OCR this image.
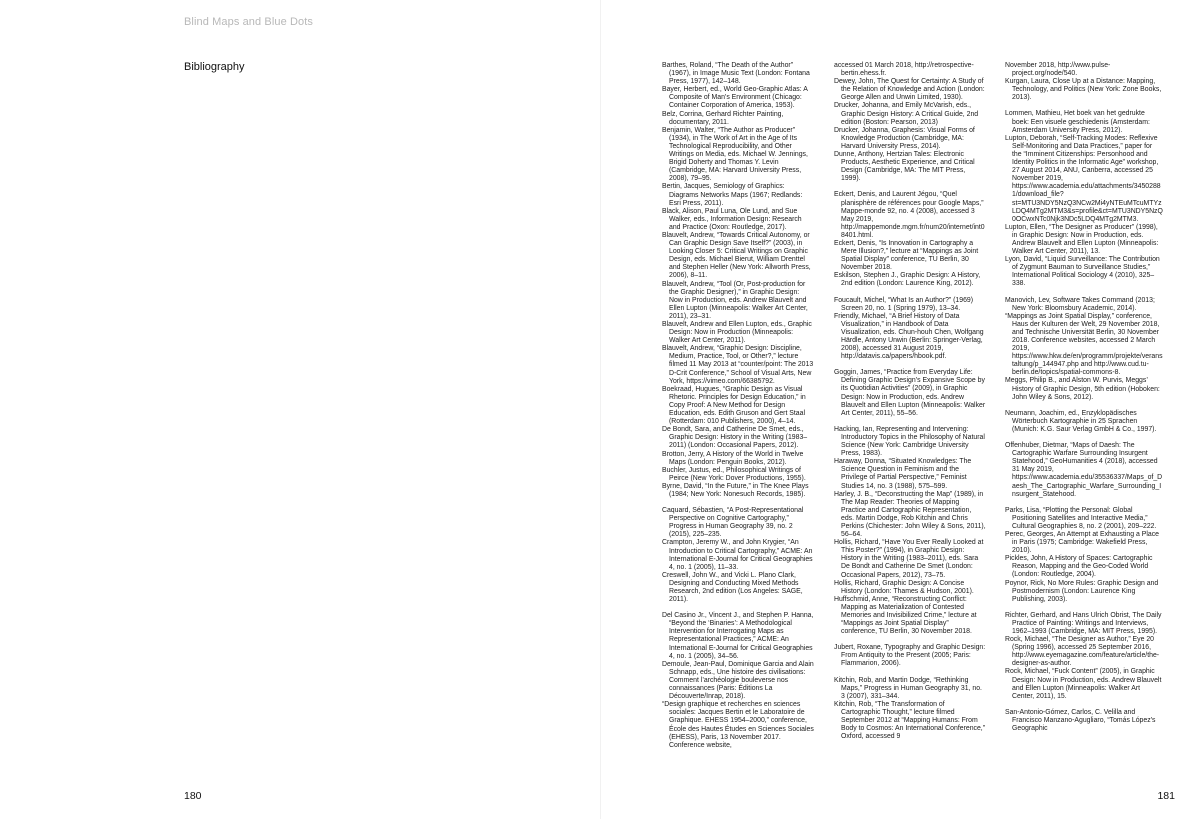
Blind Maps and Blue Dots
Bibliography	Barthes, Roland, “The Death of the Author” (1967), in Image Music Text (London: Fontana Press, 1977), 142–148.

Bayer, Herbert, ed., World Geo-Graphic Atlas: A Composite of Man’s Environment (Chicago: Container Corporation of America, 1953).

Belz, Corrina, Gerhard Richter Painting, documentary, 2011.

Benjamin, Walter, “The Author as Producer” (1934), in The Work of Art in the Age of Its Technological Reproducibility, and Other Writings on Media, eds. Michael W. Jennings, Brigid Doherty and Thomas Y. Levin (Cambridge, MA: Harvard University Press, 2008), 79–95.

Bertin, Jacques, Semiology of Graphics: Diagrams Networks Maps (1967; Redlands: Esri Press, 2011).

Black, Alison, Paul Luna, Ole Lund, and Sue Walker, eds., Information Design: Research and Practice (Oxon: Routledge, 2017).

Blauvelt, Andrew, “Towards Critical Autonomy, or Can Graphic Design Save Itself?” (2003), in Looking Closer 5: Critical Writings on Graphic Design, eds. Michael Bierut, William Drenttel and Stephen Heller (New York: Allworth Press, 2006), 8–11.

Blauvelt, Andrew, “Tool (Or, Post-production for the Graphic Designer),” in Graphic Design: Now in Production, eds. Andrew Blauvelt and Ellen Lupton (Minneapolis: Walker Art Center, 2011), 23–31.

Blauvelt, Andrew and Ellen Lupton, eds., Graphic Design: Now in Production (Minneapolis: Walker Art Center, 2011).

Blauvelt, Andrew, “Graphic Design: Discipline, Medium, Practice, Tool, or Other?,” lecture filmed 11 May 2013 at “counter/point: The 2013 D-Crit Conference,” School of Visual Arts, New York, https://vimeo.com/66385792.

Boekraad, Hugues, “Graphic Design as Visual Rhetoric. Principles for Design Education,” in Copy Proof: A New Method for Design Education, eds. Edith Gruson and Gert Staal (Rotterdam: 010 Publishers, 2000), 4–14.

De Bondt, Sara, and Catherine De Smet, eds., Graphic Design: History in the Writing (1983–2011) (London: Occasional Papers, 2012).

Brotton, Jerry, A History of the World in Twelve Maps (London: Penguin Books, 2012).

Buchler, Justus, ed., Philosophical Writings of Peirce (New York: Dover Productions, 1955).

Byrne, David, “In the Future,” in The Knee Plays (1984; New York: Nonesuch Records, 1985).

Caquard, Sébastien, “A Post-Representational Perspective on Cognitive Cartography,” Progress in Human Geography 39, no. 2 (2015), 225–235.

Crampton, Jeremy W., and John Krygier, “An Introduction to Critical Cartography,” ACME: An International E-Journal for Critical Geographies 4, no. 1 (2005), 11–33.

Creswell, John W., and Vicki L. Plano Clark, Designing and Conducting Mixed Methods Research, 2nd edition (Los Angeles: SAGE, 2011).

Del Casino Jr., Vincent J., and Stephen P. Hanna, “Beyond the ‘Binaries’: A Methodological Intervention for Interrogating Maps as Representational Practices,” ACME: An International E-Journal for Critical Geographies 4, no. 1 (2005), 34–56.

Demoule, Jean-Paul, Dominique Garcia and Alain Schnapp, eds., Une histoire des civilisations: Comment l’archéologie bouleverse nos connaissances (Paris: Éditions La Découverte/Inrap, 2018).

“Design graphique et recherches en sciences sociales: Jacques Bertin et le Laboratoire de Graphique. EHESS 1954–2000,” conference, École des Hautes Études en Sciences Sociales (EHESS), Paris, 13 November 2017. Conference website,

accessed 01 March 2018, http://retrospective-bertin.ehess.fr.

Dewey, John, The Quest for Certainty: A Study of the Relation of Knowledge and Action (London: George Allen and Unwin Limited, 1930).

Drucker, Johanna, and Emily McVarish, eds., Graphic Design History: A Critical Guide, 2nd edition (Boston: Pearson, 2013)

Drucker, Johanna, Graphesis: Visual Forms of Knowledge Production (Cambridge, MA: Harvard University Press, 2014).

Dunne, Anthony, Hertzian Tales: Electronic Products, Aesthetic Experience, and Critical Design (Cambridge, MA: The MIT Press, 1999).

Eckert, Denis, and Laurent Jégou, “Quel planisphère de références pour Google Maps,” Mappe-monde 92, no. 4 (2008), accessed 3 May 2019, http://mappemonde.mgm.fr/num20/internet/int08401.html.

Eckert, Denis, “Is Innovation in Cartography a Mere Illusion?,” lecture at “Mappings as Joint Spatial Display” conference, TU Berlin, 30 November 2018.

Eskilson, Stephen J., Graphic Design: A History, 2nd edition (London: Laurence King, 2012).

Foucault, Michel, “What Is an Author?” (1969) Screen 20, no. 1 (Spring 1979), 13–34.

Friendly, Michael, “A Brief History of Data Visualization,” in Handbook of Data Visualization, eds. Chun-houh Chen, Wolfgang Härdle, Antony Unwin (Berlin: Springer-Verlag, 2008), accessed 31 August 2019, http://datavis.ca/papers/hbook.pdf.

Goggin, James, “Practice from Everyday Life: Defining Graphic Design’s Expansive Scope by its Quotidian Activities” (2009), in Graphic Design: Now in Production, eds. Andrew Blauvelt and Ellen Lupton (Minneapolis: Walker Art Center, 2011), 55–56.

Hacking, Ian, Representing and Intervening: Introductory Topics in the Philosophy of Natural Science (New York: Cambridge University Press, 1983).

Haraway, Donna, “Situated Knowledges: The Science Question in Feminism and the Privilege of Partial Perspective,” Feminist Studies 14, no. 3 (1988), 575–599.

Harley, J. B., “Deconstructing the Map” (1989), in The Map Reader: Theories of Mapping Practice and Cartographic Representation, eds. Martin Dodge, Rob Kitchin and Chris Perkins (Chichester: John Wiley & Sons, 2011), 56–64.

Hollis, Richard, “Have You Ever Really Looked at This Poster?” (1994), in Graphic Design: History in the Writing (1983–2011), eds. Sara De Bondt and Catherine De Smet (London: Occasional Papers, 2012), 73–75.

Hollis, Richard, Graphic Design: A Concise History (London: Thames & Hudson, 2001).

Huffschmid, Anne, “Reconstructing Conflict: Mapping as Materialization of Contested Memories and Invisibilized Crime,” lecture at “Mappings as Joint Spatial Display” conference, TU Berlin, 30 November 2018.

Jubert, Roxane, Typography and Graphic Design: From Antiquity to the Present (2005; Paris: Flammarion, 2006).

Kitchin, Rob, and Martin Dodge, “Rethinking Maps,” Progress in Human Geography 31, no. 3 (2007), 331–344.

Kitchin, Rob, “The Transformation of Cartographic Thought,” lecture filmed September 2012 at “Mapping Humans: From Body to Cosmos: An International Conference,” Oxford, accessed 9

November 2018, http://www.pulse-project.org/node/540.

Kurgan, Laura, Close Up at a Distance: Mapping, Technology, and Politics (New York: Zone Books, 2013).

Lommen, Mathieu, Het boek van het gedrukte boek: Een visuele geschiedenis (Amsterdam: Amsterdam University Press, 2012).

Lupton, Deborah, “Self-Tracking Modes: Reflexive Self-Monitoring and Data Practices,” paper for the “Imminent Citizenships: Personhood and Identity Politics in the Informatic Age” workshop, 27 August 2014, ANU, Canberra, accessed 25 November 2019, https://www.academia.edu/attachments/34502881/download_file?st=MTU3NDY5NzQ3NCw2Mi4yNTEuMTcuMTYzLDQ4MTg2MTM3&s=profile&ct=MTU3NDY5NzQ0OCwxNTc0Njk3NDc5LDQ4MTg2MTM3.

Lupton, Ellen, “The Designer as Producer” (1998), in Graphic Design: Now in Production, eds. Andrew Blauvelt and Ellen Lupton (Minneapolis: Walker Art Center, 2011), 13.

Lyon, David, “Liquid Surveillance: The Contribution of Zygmunt Bauman to Surveillance Studies,” International Political Sociology 4 (2010), 325–338.

Manovich, Lev, Software Takes Command (2013; New York: Bloomsbury Academic, 2014).

“Mappings as Joint Spatial Display,” conference, Haus der Kulturen der Welt, 29 November 2018, and Technische Universität Berlin, 30 November 2018. Conference websites, accessed 2 March 2019, https://www.hkw.de/en/programm/projekte/veranstaltung/p_144947.php and http://www.cud.tu-berlin.de/topics/spatial-commons-8.

Meggs, Philip B., and Alston W. Purvis, Meggs’ History of Graphic Design, 5th edition (Hoboken: John Wiley & Sons, 2012).

Neumann, Joachim, ed., Enzyklopädisches Wörterbuch Kartographie in 25 Sprachen (Munich: K.G. Saur Verlag GmbH & Co., 1997).

Offenhuber, Dietmar, “Maps of Daesh: The Cartographic Warfare Surrounding Insurgent Statehood,” GeoHumanities 4 (2018), accessed 31 May 2019, https://www.academia.edu/35536337/Maps_of_Daesh_The_Cartographic_Warfare_Surrounding_Insurgent_Statehood.

Parks, Lisa, “Plotting the Personal: Global Positioning Satellites and Interactive Media,” Cultural Geographies 8, no. 2 (2001), 209–222.

Perec, Georges, An Attempt at Exhausting a Place in Paris (1975; Cambridge: Wakefield Press, 2010).

Pickles, John, A History of Spaces: Cartographic Reason, Mapping and the Geo-Coded World (London: Routledge, 2004).

Poynor, Rick, No More Rules: Graphic Design and Postmodernism (London: Laurence King Publishing, 2003).

Richter, Gerhard, and Hans Ulrich Obrist, The Daily Practice of Painting: Writings and Interviews, 1962–1993 (Cambridge, MA: MIT Press, 1995).

Rock, Michael, “The Designer as Author,” Eye 20 (Spring 1996), accessed 25 September 2016, http://www.eyemagazine.com/feature/article/the-designer-as-author.

Rock, Michael, “Fuck Content” (2005), in Graphic Design: Now in Production, eds. Andrew Blauvelt and Ellen Lupton (Minneapolis: Walker Art Center, 2011), 15.

San-Antonio-Gómez, Carlos, C. Velilla and Francisco Manzano-Agugliaro, “Tomás López’s Geographic

180	181
